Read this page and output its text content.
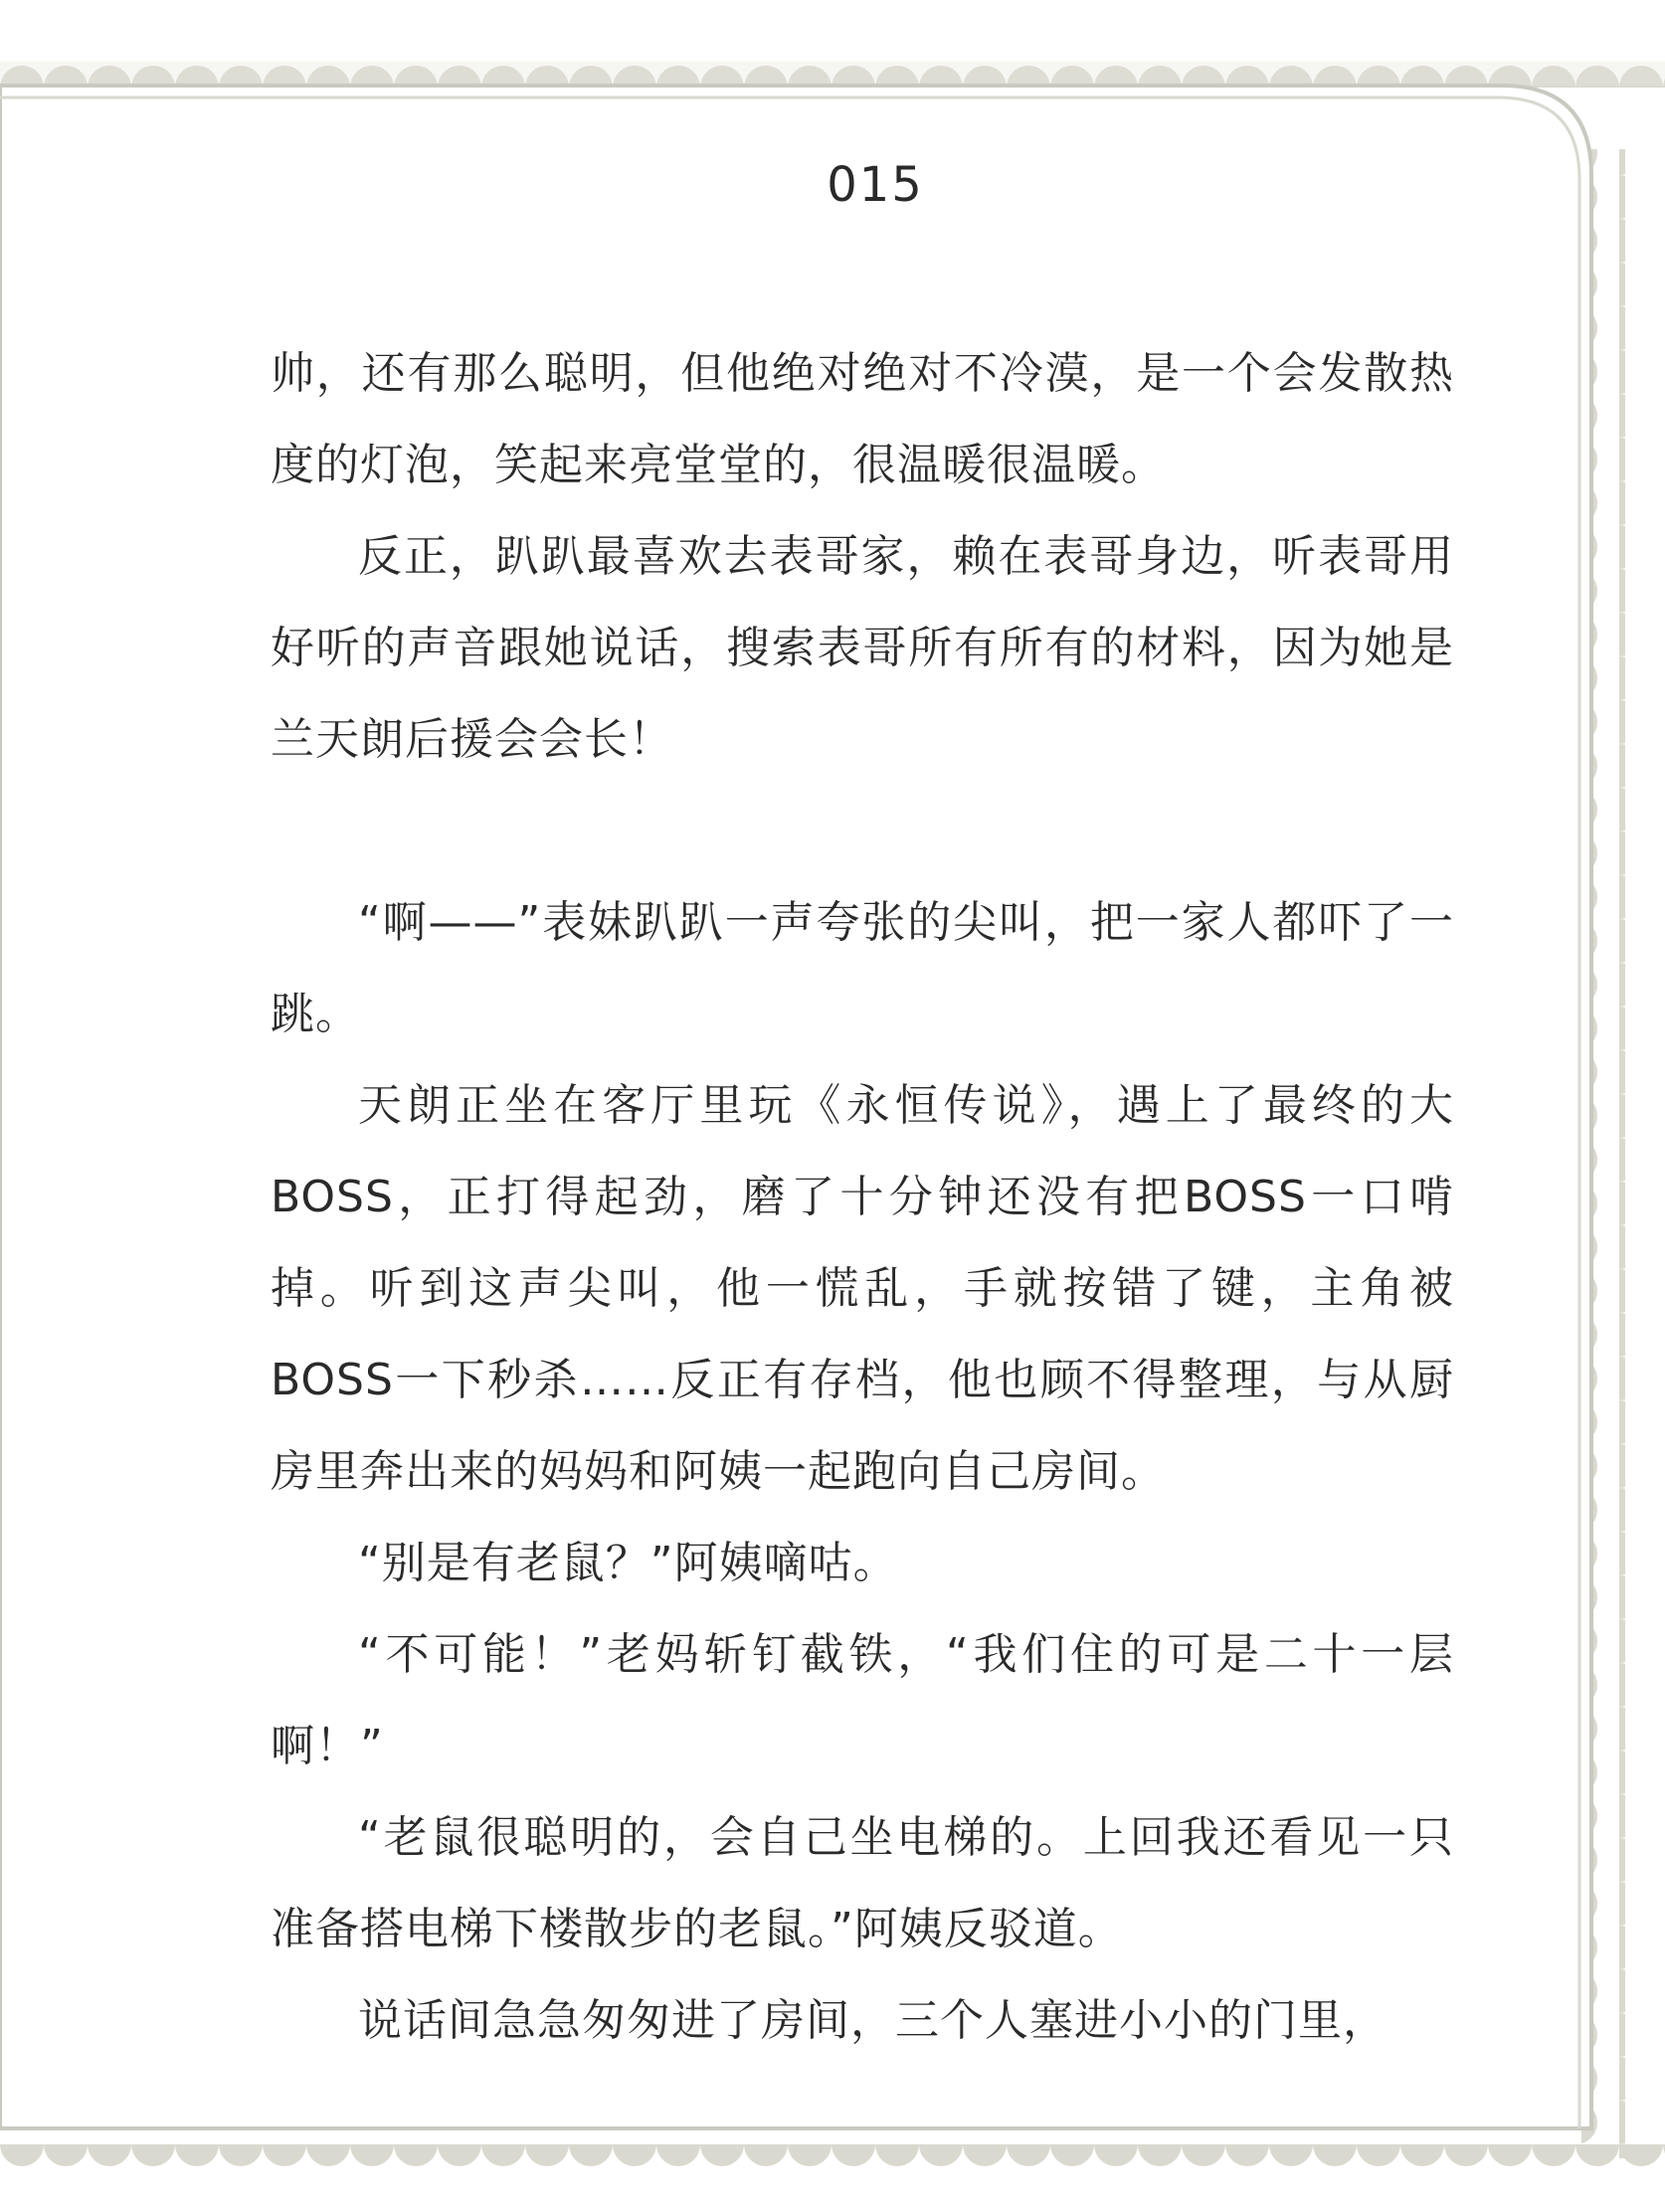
015

帅，还有那么聪明，但他绝对绝对不冷漠，是一个会发散热度的灯泡，笑起来亮堂堂的，很温暖很温暖。

反正，趴趴最喜欢去表哥家，赖在表哥身边，听表哥用好听的声音跟她说话，搜索表哥所有所有的材料，因为她是兰天朗后援会会长！

“啊——”表妹趴趴一声夸张的尖叫，把一家人都吓了一跳。

天朗正坐在客厅里玩《永恒传说》，遇上了最终的大BOSS，正打得起劲，磨了十分钟还没有把BOSS一口啃掉。听到这声尖叫，他一慌乱，手就按错了键，主角被BOSS一下秒杀……反正有存档，他也顾不得整理，与从厨房里奔出来的妈妈和阿姨一起跑向自己房间。

“别是有老鼠？”阿姨嘀咕。

“不可能！”老妈斩钉截铁，“我们住的可是二十一层啊！”

“老鼠很聪明的，会自己坐电梯的。上回我还看见一只准备搭电梯下楼散步的老鼠。”阿姨反驳道。

说话间急急匆匆进了房间，三个人塞进小小的门里，
